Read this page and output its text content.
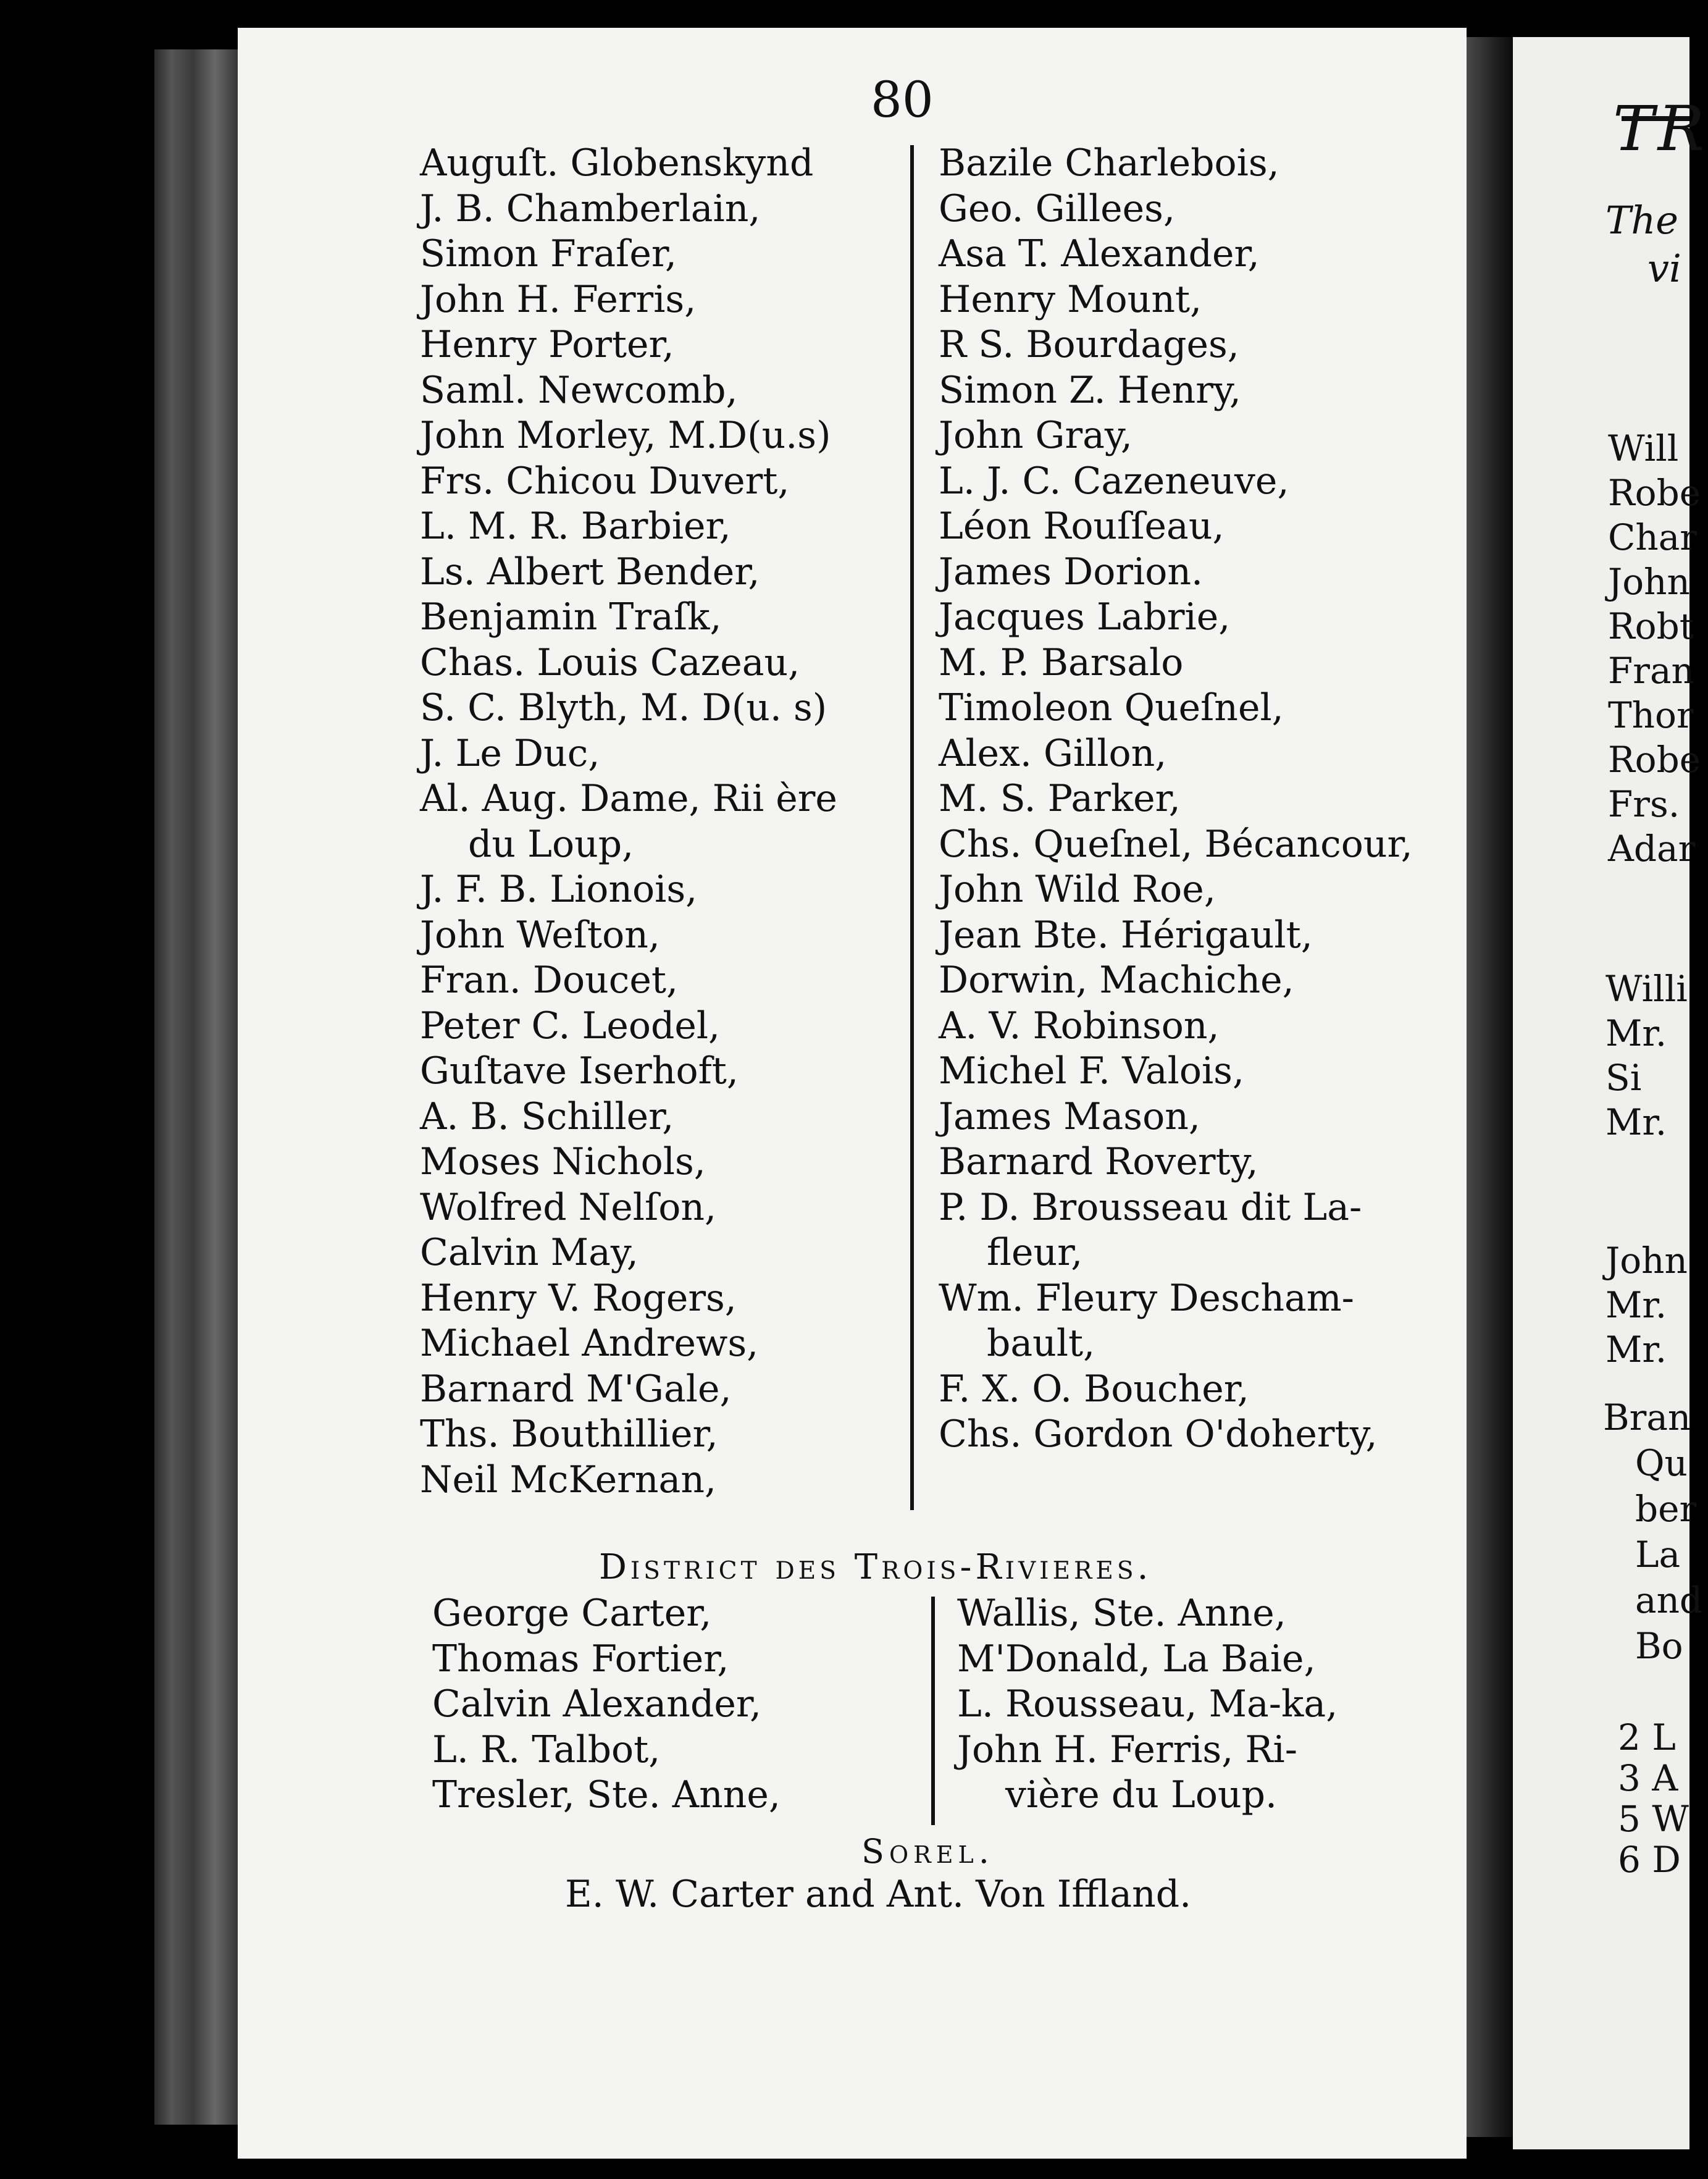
80
Auguſt. Globenskynd
J. B. Chamberlain,
Simon Fraſer,
John H. Ferris,
Henry Porter,
Saml. Newcomb,
John Morley, M.D(u.s)
Frs. Chicou Duvert,
L. M. R. Barbier,
Ls. Albert Bender,
Benjamin Traſk,
Chas. Louis Cazeau,
S. C. Blyth, M. D(u. s)
J. Le Duc,
Al. Aug. Dame, Rii ère
du Loup,
J. F. B. Lionois,
John Weſton,
Fran. Doucet,
Peter C. Leodel,
Guſtave Iserhoft,
A. B. Schiller,
Moses Nichols,
Wolfred Nelſon,
Calvin May,
Henry V. Rogers,
Michael Andrews,
Barnard M'Gale,
Ths. Bouthillier,
Neil McKernan,
Bazile Charlebois,
Geo. Gillees,
Asa T. Alexander,
Henry Mount,
R S. Bourdages,
Simon Z. Henry,
John Gray,
L. J. C. Cazeneuve,
Léon Rouſſeau,
James Dorion.
Jacques Labrie,
M. P. Barsalo
Timoleon Queſnel,
Alex. Gillon,
M. S. Parker,
Chs. Queſnel, Bécancour,
John Wild Roe,
Jean Bte. Hérigault,
Dorwin, Machiche,
A. V. Robinson,
Michel F. Valois,
James Mason,
Barnard Roverty,
P. D. Brousseau dit La-
fleur,
Wm. Fleury Descham-
bault,
F. X. O. Boucher,
Chs. Gordon O'doherty,
District des Trois-Rivieres.
George Carter,
Thomas Fortier,
Calvin Alexander,
L. R. Talbot,
Tresler, Ste. Anne,
Wallis, Ste. Anne,
M'Donald, La Baie,
L. Rousseau, Ma-ka,
John H. Ferris, Ri-
vière du Loup.
Sorel.
E. W. Carter and Ant. Von Iffland.
TR
The
vi
Will
Robe
Char
John
Robt
Fran
Thor
Robe
Frs.
Adar
Willi
Mr.
Si
Mr.
John
Mr.
Mr.
Bran
Qu
ber
La
and
Bo
2 L
3 A
5 W
6 D
